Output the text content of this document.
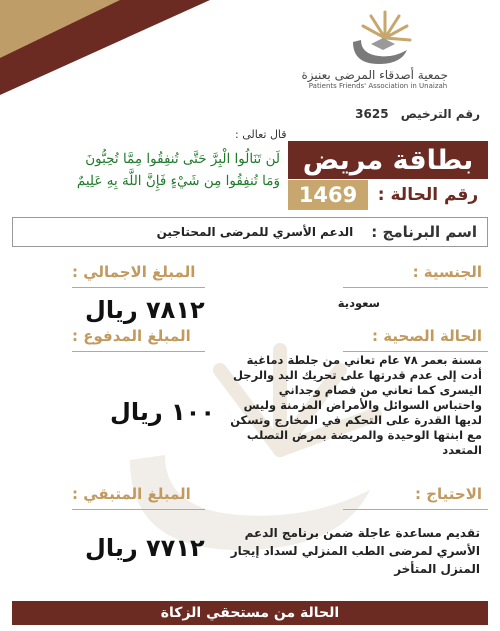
جمعية أصدقاء المرضى بعنيزة
Patients Friends' Association in Unaizah
رقم الترخيص 3625
قال تعالى :
لَن تَنَالُوا الْبِرَّ حَتَّى تُنفِقُوا مِمَّا تُحِبُّونَ
وَمَا تُنفِقُوا مِن شَيْءٍ فَإِنَّ اللَّهَ بِهِ عَلِيمٌ
بطاقة مريض
رقم الحالة :
1469
اسم البرنامج :
الدعم الأسري للمرضى المحتاجين
الجنسية :
سعودية
الحالة الصحية :
مسنة بعمر ٧٨ عام تعاني من جلطة دماغية أدت إلى عدم قدرتها على تحريك اليد والرجل اليسرى كما تعاني من فصام وجداني واحتباس السوائل والأمراض المزمنة وليس لديها القدرة على التحكم في المخارج وتسكن مع ابنتها الوحيدة والمريضة بمرض التصلب المتعدد
الاحتياج :
تقديم مساعدة عاجلة ضمن برنامج الدعم الأسري لمرضى الطب المنزلي لسداد إيجار المنزل المتأخر
المبلغ الاجمالي :
٧٨١٢ ريال
المبلغ المدفوع :
١٠٠ ريال
المبلغ المتبقي :
٧٧١٢ ريال
الحالة من مستحقي الزكاة
